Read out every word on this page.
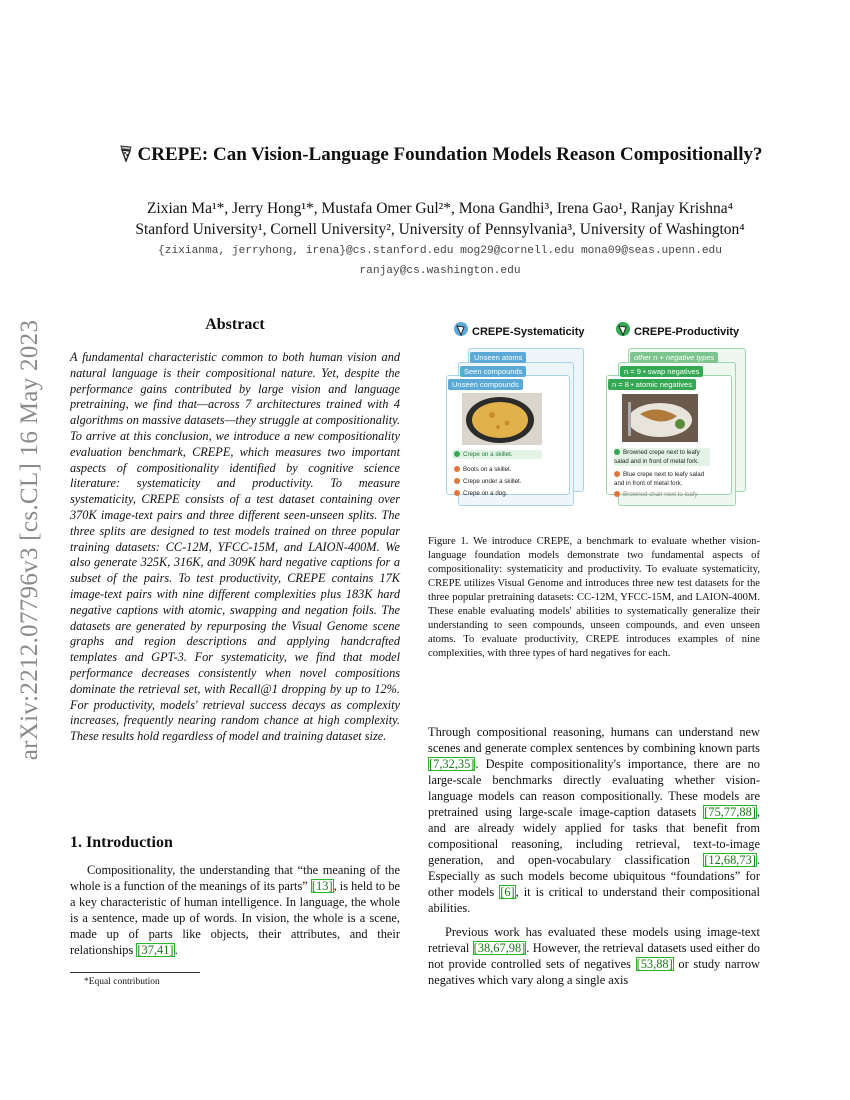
arXiv:2212.07796v3 [cs.CL] 16 May 2023
CREPE: Can Vision-Language Foundation Models Reason Compositionally?
Zixian Ma¹*, Jerry Hong¹*, Mustafa Omer Gul²*, Mona Gandhi³, Irena Gao¹, Ranjay Krishna⁴
Stanford University¹, Cornell University², University of Pennsylvania³, University of Washington⁴
{zixianma, jerryhong, irena}@cs.stanford.edu mog29@cornell.edu mona09@seas.upenn.edu
ranjay@cs.washington.edu
Abstract
A fundamental characteristic common to both human vision and natural language is their compositional nature. Yet, despite the performance gains contributed by large vision and language pretraining, we find that—across 7 architectures trained with 4 algorithms on massive datasets—they struggle at compositionality. To arrive at this conclusion, we introduce a new compositionality evaluation benchmark, CREPE, which measures two important aspects of compositionality identified by cognitive science literature: systematicity and productivity. To measure systematicity, CREPE consists of a test dataset containing over 370K image-text pairs and three different seen-unseen splits. The three splits are designed to test models trained on three popular training datasets: CC-12M, YFCC-15M, and LAION-400M. We also generate 325K, 316K, and 309K hard negative captions for a subset of the pairs. To test productivity, CREPE contains 17K image-text pairs with nine different complexities plus 183K hard negative captions with atomic, swapping and negation foils. The datasets are generated by repurposing the Visual Genome scene graphs and region descriptions and applying handcrafted templates and GPT-3. For systematicity, we find that model performance decreases consistently when novel compositions dominate the retrieval set, with Recall@1 dropping by up to 12%. For productivity, models' retrieval success decays as complexity increases, frequently nearing random chance at high complexity. These results hold regardless of model and training dataset size.
1. Introduction
Compositionality, the understanding that “the meaning of the whole is a function of the meanings of its parts” [13], is held to be a key characteristic of human intelligence. In language, the whole is a sentence, made up of words. In vision, the whole is a scene, made up of parts like objects, their attributes, and their relationships [37,41].
*Equal contribution
CREPE-Systematicity
Unseen atoms
Seen compounds
Unseen compounds
Crepe on a skillet.
Boots on a skillet.
Crepe under a skillet.
Crepe on a dog.
CREPE-Productivity
other n + negative types
n = 9 • swap negatives
n = 8 • atomic negatives
Browned crepe next to leafy salad and in front of metal fork.
Blue crepe next to leafy salad and in front of metal fork.
Browned chair next to leafy
Figure 1. We introduce CREPE, a benchmark to evaluate whether vision-language foundation models demonstrate two fundamental aspects of compositionality: systematicity and productivity. To evaluate systematicity, CREPE utilizes Visual Genome and introduces three new test datasets for the three popular pretraining datasets: CC-12M, YFCC-15M, and LAION-400M. These enable evaluating models' abilities to systematically generalize their understanding to seen compounds, unseen compounds, and even unseen atoms. To evaluate productivity, CREPE introduces examples of nine complexities, with three types of hard negatives for each.
Through compositional reasoning, humans can understand new scenes and generate complex sentences by combining known parts [7,32,35]. Despite compositionality's importance, there are no large-scale benchmarks directly evaluating whether vision-language models can reason compositionally. These models are pretrained using large-scale image-caption datasets [75,77,88], and are already widely applied for tasks that benefit from compositional reasoning, including retrieval, text-to-image generation, and open-vocabulary classification [12,68,73]. Especially as such models become ubiquitous “foundations” for other models [6], it is critical to understand their compositional abilities.
Previous work has evaluated these models using image-text retrieval [38,67,98]. However, the retrieval datasets used either do not provide controlled sets of negatives [53,88] or study narrow negatives which vary along a single axis
